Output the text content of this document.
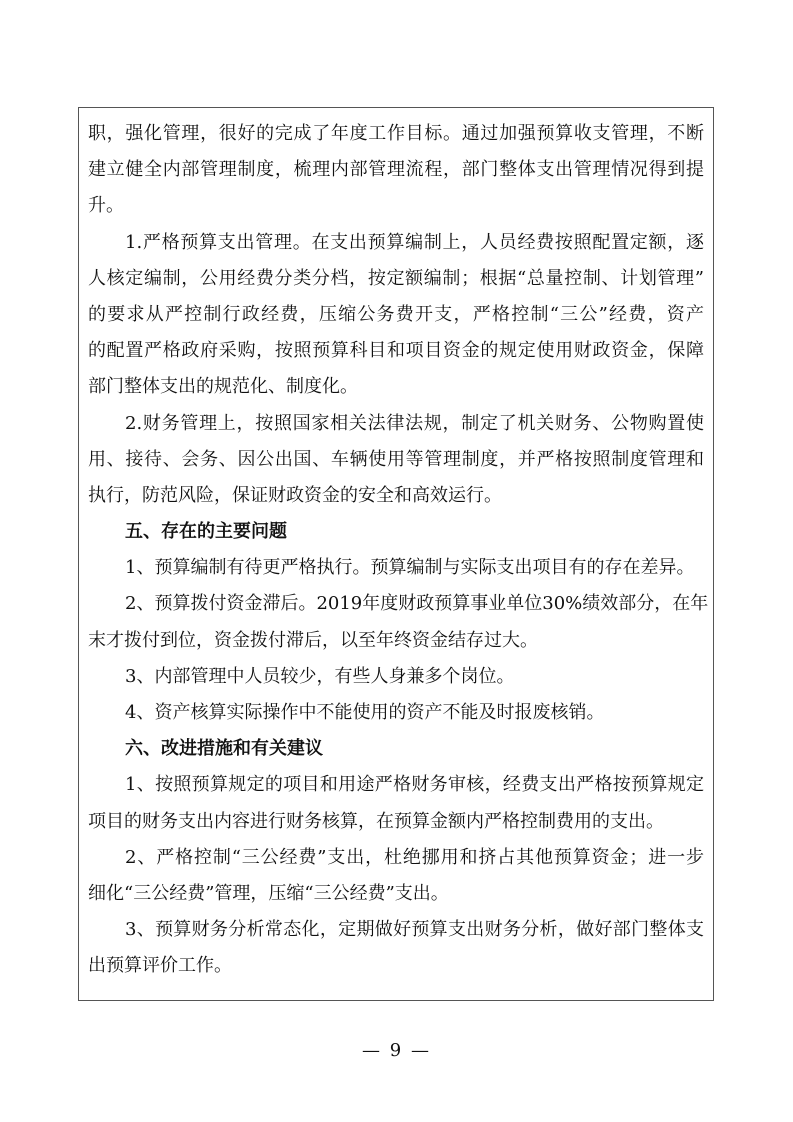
职，强化管理，很好的完成了年度工作目标。通过加强预算收支管理，不断
建立健全内部管理制度，梳理内部管理流程，部门整体支出管理情况得到提
升。
1.严格预算支出管理。在支出预算编制上，人员经费按照配置定额，逐
人核定编制，公用经费分类分档，按定额编制；根据“总量控制、计划管理”
的要求从严控制行政经费，压缩公务费开支，严格控制“三公”经费，资产
的配置严格政府采购，按照预算科目和项目资金的规定使用财政资金，保障
部门整体支出的规范化、制度化。
2.财务管理上，按照国家相关法律法规，制定了机关财务、公物购置使
用、接待、会务、因公出国、车辆使用等管理制度，并严格按照制度管理和
执行，防范风险，保证财政资金的安全和高效运行。
五、存在的主要问题
1、预算编制有待更严格执行。预算编制与实际支出项目有的存在差异。
2、预算拨付资金滞后。2019年度财政预算事业单位30%绩效部分，在年
末才拨付到位，资金拨付滞后，以至年终资金结存过大。
3、内部管理中人员较少，有些人身兼多个岗位。
4、资产核算实际操作中不能使用的资产不能及时报废核销。
六、改进措施和有关建议
1、按照预算规定的项目和用途严格财务审核，经费支出严格按预算规定
项目的财务支出内容进行财务核算，在预算金额内严格控制费用的支出。
2、严格控制“三公经费”支出，杜绝挪用和挤占其他预算资金；进一步
细化“三公经费”管理，压缩“三公经费”支出。
3、预算财务分析常态化，定期做好预算支出财务分析，做好部门整体支
出预算评价工作。
— 9 —
